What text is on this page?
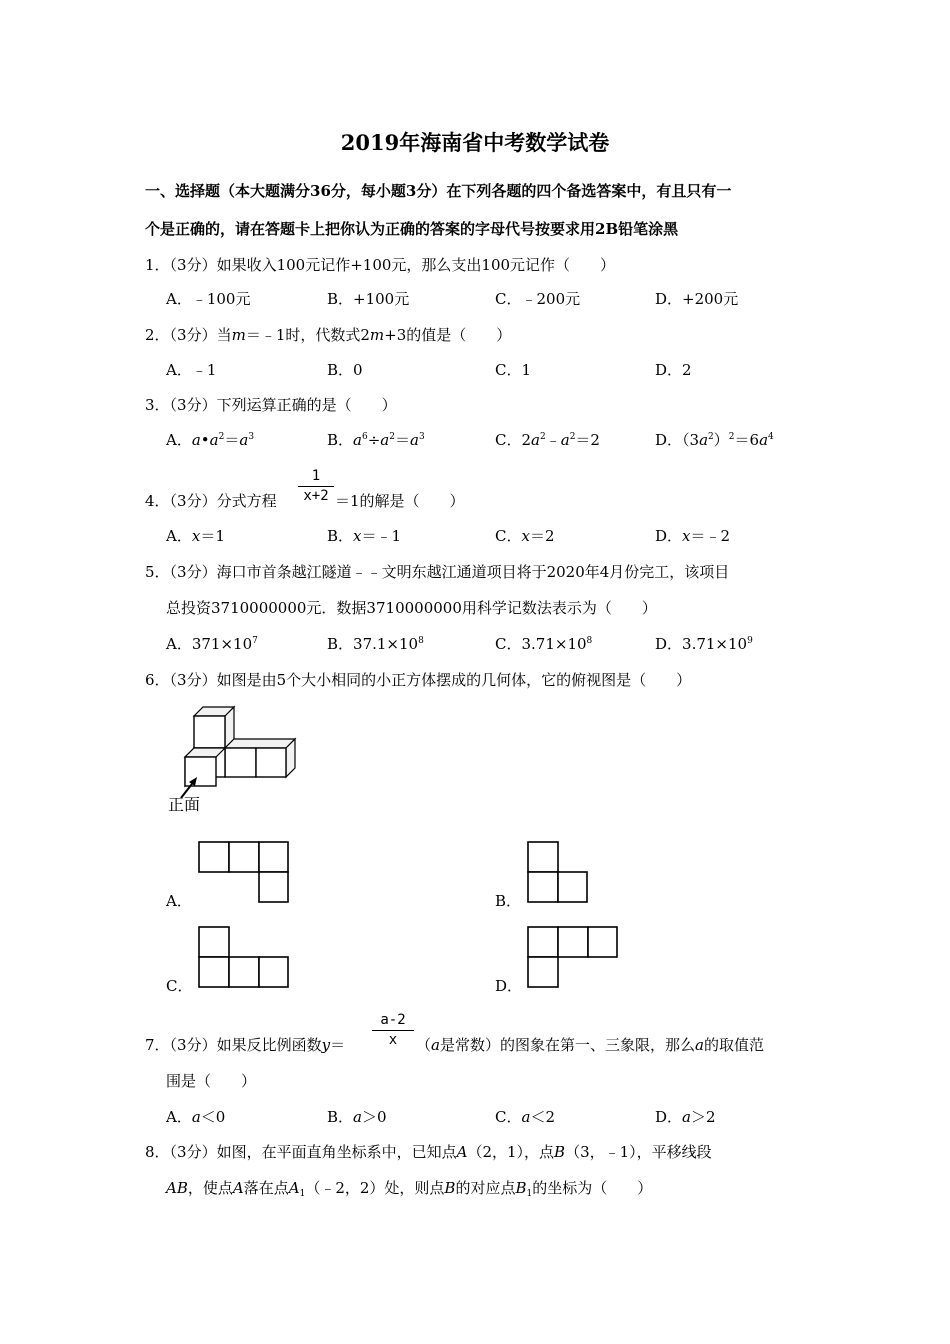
2019年海南省中考数学试卷
一、选择题（本大题满分36分，每小题3分）在下列各题的四个备选答案中，有且只有一
个是正确的，请在答题卡上把你认为正确的答案的字母代号按要求用2B铅笔涂黑
1．（3分）如果收入100元记作+100元，那么支出100元记作（　　）
A．﹣100元	B．+100元	C．﹣200元	D．+200元
2．（3分）当m＝﹣1时，代数式2m+3的值是（　　）
A．﹣1	B．0	C．1	D．2
3．（3分）下列运算正确的是（　　）
A．$a•a^2=a^3$	B．$a^6\div a^2=a^3$	C．$2a^2﹣a^2=2$	D．$(3a^2)^2=6a^4$
4．（3分）分式方程
1
x+2 ＝1的解是（　　）
A．x＝1	B．x＝﹣1	C．x＝2	D．x＝﹣2
5．（3分）海口市首条越江隧道﹣﹣文明东越江通道项目将于2020年4月份完工，该项目
总投资3710000000元．数据3710000000用科学记数法表示为（　　）
A．$371\times 10^7$	B．$37.1\times 10^8$	C．$3.71\times 10^8$	D．$3.71\times 10^9$
6．（3分）如图是由5个大小相同的小正方体摆成的几何体，它的俯视图是（　　）
正面
A．	B．
C．	D．
7．（3分）如果反比例函数y＝
a-2
x	（a是常数）的图象在第一、三象限，那么a的取值范
围是（　　）
A．a＜0	B．a＞0	C．a＜2	D．a＞2
8．（3分）如图，在平面直角坐标系中，已知点A（2，1），点B（3，﹣1），平移线段
AB，使点A落在点$A_1(﹣2$，2）处，则点B的对应点$B_1$的坐标为（　　）
